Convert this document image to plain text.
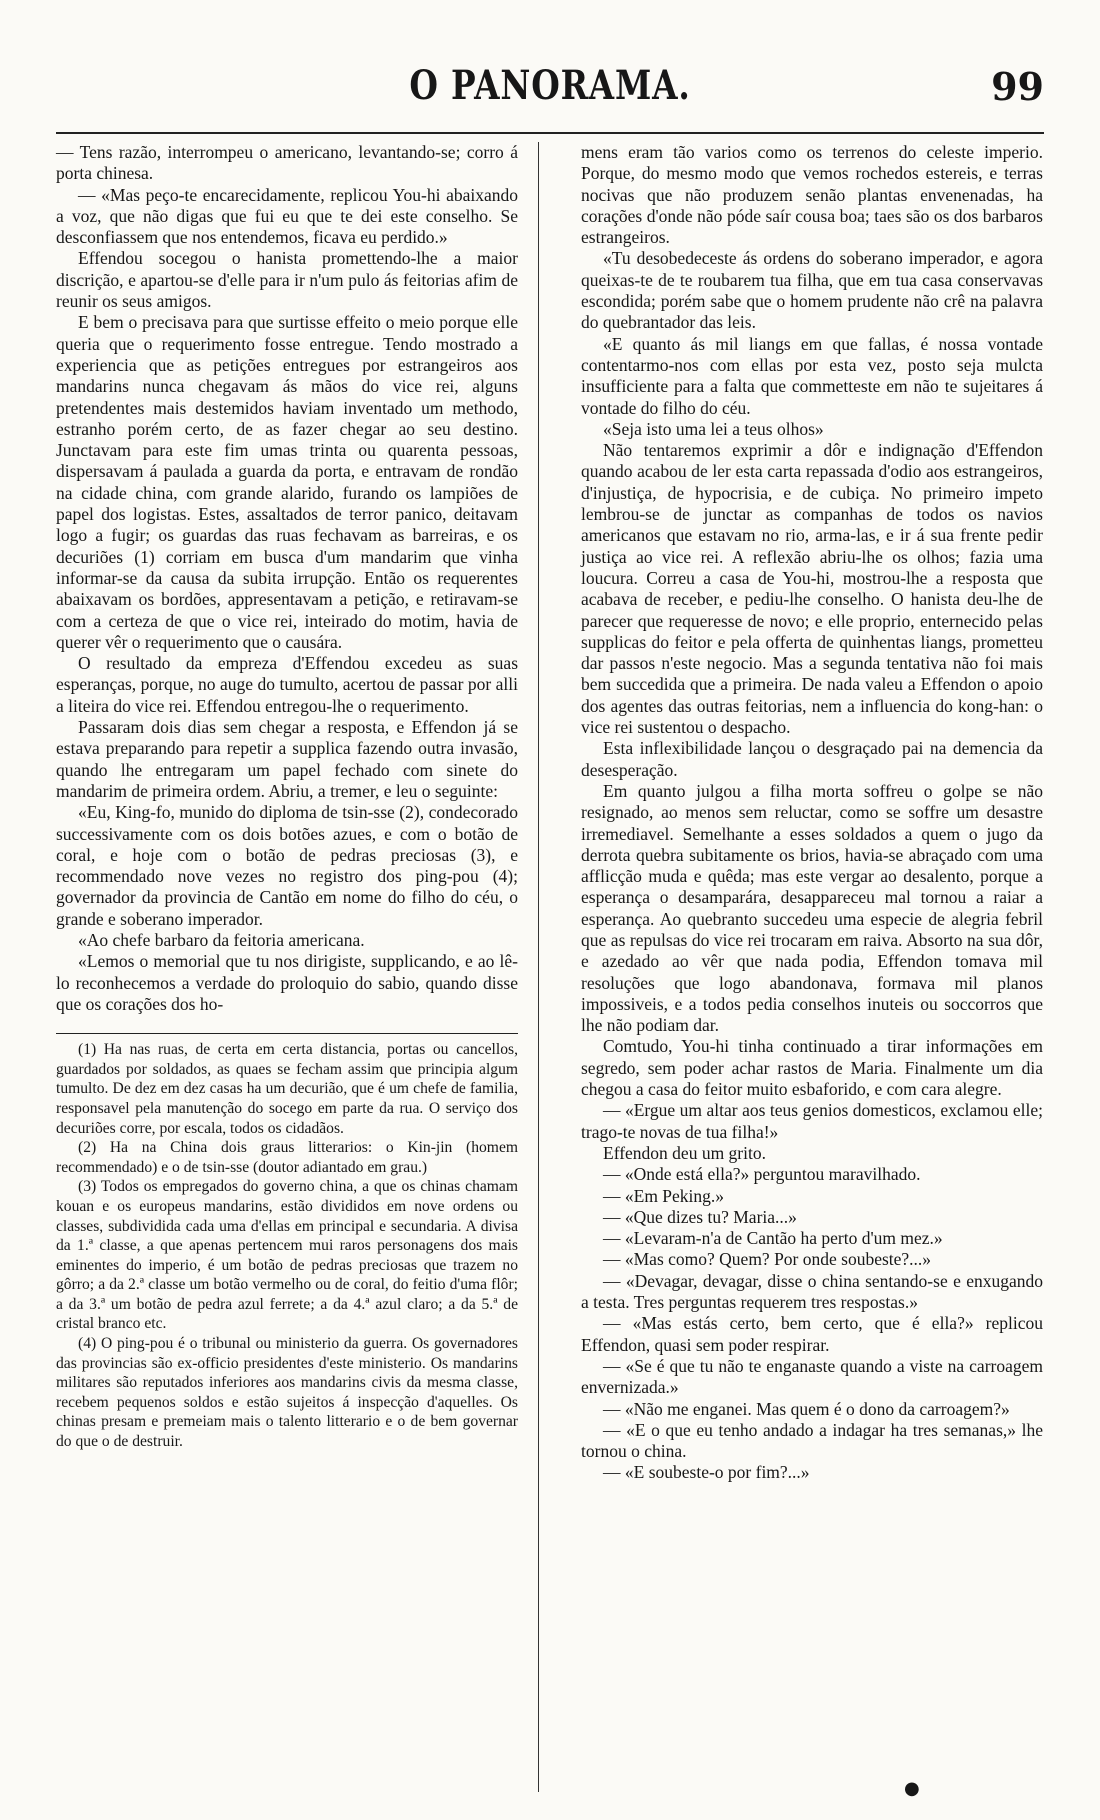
O PANORAMA.	99

— Tens razão, interrompeu o americano, levantando-se; corro á porta chinesa.

— «Mas peço-te encarecidamente, replicou You-hi abaixando a voz, que não digas que fui eu que te dei este conselho. Se desconfiassem que nos entendemos, ficava eu perdido.»

Effendou socegou o hanista promettendo-lhe a maior discrição, e apartou-se d'elle para ir n'um pulo ás feitorias afim de reunir os seus amigos.

E bem o precisava para que surtisse effeito o meio porque elle queria que o requerimento fosse entregue. Tendo mostrado a experiencia que as petições entregues por estrangeiros aos mandarins nunca chegavam ás mãos do vice rei, alguns pretendentes mais destemidos haviam inventado um methodo, estranho porém certo, de as fazer chegar ao seu destino. Junctavam para este fim umas trinta ou quarenta pessoas, dispersavam á paulada a guarda da porta, e entravam de rondão na cidade china, com grande alarido, furando os lampiões de papel dos logistas. Estes, assaltados de terror panico, deitavam logo a fugir; os guardas das ruas fechavam as barreiras, e os decuriões (1) corriam em busca d'um mandarim que vinha informar-se da causa da subita irrupção. Então os requerentes abaixavam os bordões, appresentavam a petição, e retiravam-se com a certeza de que o vice rei, inteirado do motim, havia de querer vêr o requerimento que o causára.

O resultado da empreza d'Effendou excedeu as suas esperanças, porque, no auge do tumulto, acertou de passar por alli a liteira do vice rei. Effendou entregou-lhe o requerimento.

Passaram dois dias sem chegar a resposta, e Effendon já se estava preparando para repetir a supplica fazendo outra invasão, quando lhe entregaram um papel fechado com sinete do mandarim de primeira ordem. Abriu, a tremer, e leu o seguinte:

«Eu, King-fo, munido do diploma de tsin-sse (2), condecorado successivamente com os dois botões azues, e com o botão de coral, e hoje com o botão de pedras preciosas (3), e recommendado nove vezes no registro dos ping-pou (4); governador da provincia de Cantão em nome do filho do céu, o grande e soberano imperador.

«Ao chefe barbaro da feitoria americana.

«Lemos o memorial que tu nos dirigiste, supplicando, e ao lê-lo reconhecemos a verdade do proloquio do sabio, quando disse que os corações dos ho-

(1) Ha nas ruas, de certa em certa distancia, portas ou cancellos, guardados por soldados, as quaes se fecham assim que principia algum tumulto. De dez em dez casas ha um decurião, que é um chefe de familia, responsavel pela manutenção do socego em parte da rua. O serviço dos decuriões corre, por escala, todos os cidadãos.

(2) Ha na China dois graus litterarios: o Kin-jin (homem recommendado) e o de tsin-sse (doutor adiantado em grau.)

(3) Todos os empregados do governo china, a que os chinas chamam kouan e os europeus mandarins, estão divididos em nove ordens ou classes, subdividida cada uma d'ellas em principal e secundaria. A divisa da 1.ª classe, a que apenas pertencem mui raros personagens dos mais eminentes do imperio, é um botão de pedras preciosas que trazem no gôrro; a da 2.ª classe um botão vermelho ou de coral, do feitio d'uma flôr; a da 3.ª um botão de pedra azul ferrete; a da 4.ª azul claro; a da 5.ª de cristal branco etc.

(4) O ping-pou é o tribunal ou ministerio da guerra. Os governadores das provincias são ex-officio presidentes d'este ministerio. Os mandarins militares são reputados inferiores aos mandarins civis da mesma classe, recebem pequenos soldos e estão sujeitos á inspecção d'aquelles. Os chinas presam e premeiam mais o talento litterario e o de bem governar do que o de destruir.

mens eram tão varios como os terrenos do celeste imperio. Porque, do mesmo modo que vemos rochedos estereis, e terras nocivas que não produzem senão plantas envenenadas, ha corações d'onde não póde saír cousa boa; taes são os dos barbaros estrangeiros.

«Tu desobedeceste ás ordens do soberano imperador, e agora queixas-te de te roubarem tua filha, que em tua casa conservavas escondida; porém sabe que o homem prudente não crê na palavra do quebrantador das leis.

«E quanto ás mil liangs em que fallas, é nossa vontade contentarmo-nos com ellas por esta vez, posto seja mulcta insufficiente para a falta que commetteste em não te sujeitares á vontade do filho do céu.

«Seja isto uma lei a teus olhos»

Não tentaremos exprimir a dôr e indignação d'Effendon quando acabou de ler esta carta repassada d'odio aos estrangeiros, d'injustiça, de hypocrisia, e de cubiça. No primeiro impeto lembrou-se de junctar as companhas de todos os navios americanos que estavam no rio, arma-las, e ir á sua frente pedir justiça ao vice rei. A reflexão abriu-lhe os olhos; fazia uma loucura. Correu a casa de You-hi, mostrou-lhe a resposta que acabava de receber, e pediu-lhe conselho. O hanista deu-lhe de parecer que requeresse de novo; e elle proprio, enternecido pelas supplicas do feitor e pela offerta de quinhentas liangs, prometteu dar passos n'este negocio. Mas a segunda tentativa não foi mais bem succedida que a primeira. De nada valeu a Effendon o apoio dos agentes das outras feitorias, nem a influencia do kong-han: o vice rei sustentou o despacho.

Esta inflexibilidade lançou o desgraçado pai na demencia da desesperação.

Em quanto julgou a filha morta soffreu o golpe se não resignado, ao menos sem reluctar, como se soffre um desastre irremediavel. Semelhante a esses soldados a quem o jugo da derrota quebra subitamente os brios, havia-se abraçado com uma afflicção muda e quêda; mas este vergar ao desalento, porque a esperança o desamparára, desappareceu mal tornou a raiar a esperança. Ao quebranto succedeu uma especie de alegria febril que as repulsas do vice rei trocaram em raiva. Absorto na sua dôr, e azedado ao vêr que nada podia, Effendon tomava mil resoluções que logo abandonava, formava mil planos impossiveis, e a todos pedia conselhos inuteis ou soccorros que lhe não podiam dar.

Comtudo, You-hi tinha continuado a tirar informações em segredo, sem poder achar rastos de Maria. Finalmente um dia chegou a casa do feitor muito esbaforido, e com cara alegre.

— «Ergue um altar aos teus genios domesticos, exclamou elle; trago-te novas de tua filha!»

Effendon deu um grito.

— «Onde está ella?» perguntou maravilhado.

— «Em Peking.»

— «Que dizes tu? Maria...»

— «Levaram-n'a de Cantão ha perto d'um mez.»

— «Mas como? Quem? Por onde soubeste?...»

— «Devagar, devagar, disse o china sentando-se e enxugando a testa. Tres perguntas requerem tres respostas.»

— «Mas estás certo, bem certo, que é ella?» replicou Effendon, quasi sem poder respirar.

— «Se é que tu não te enganaste quando a viste na carroagem envernizada.»

— «Não me enganei. Mas quem é o dono da carroagem?»

— «E o que eu tenho andado a indagar ha tres semanas,» lhe tornou o china.

— «E soubeste-o por fim?...»

●
